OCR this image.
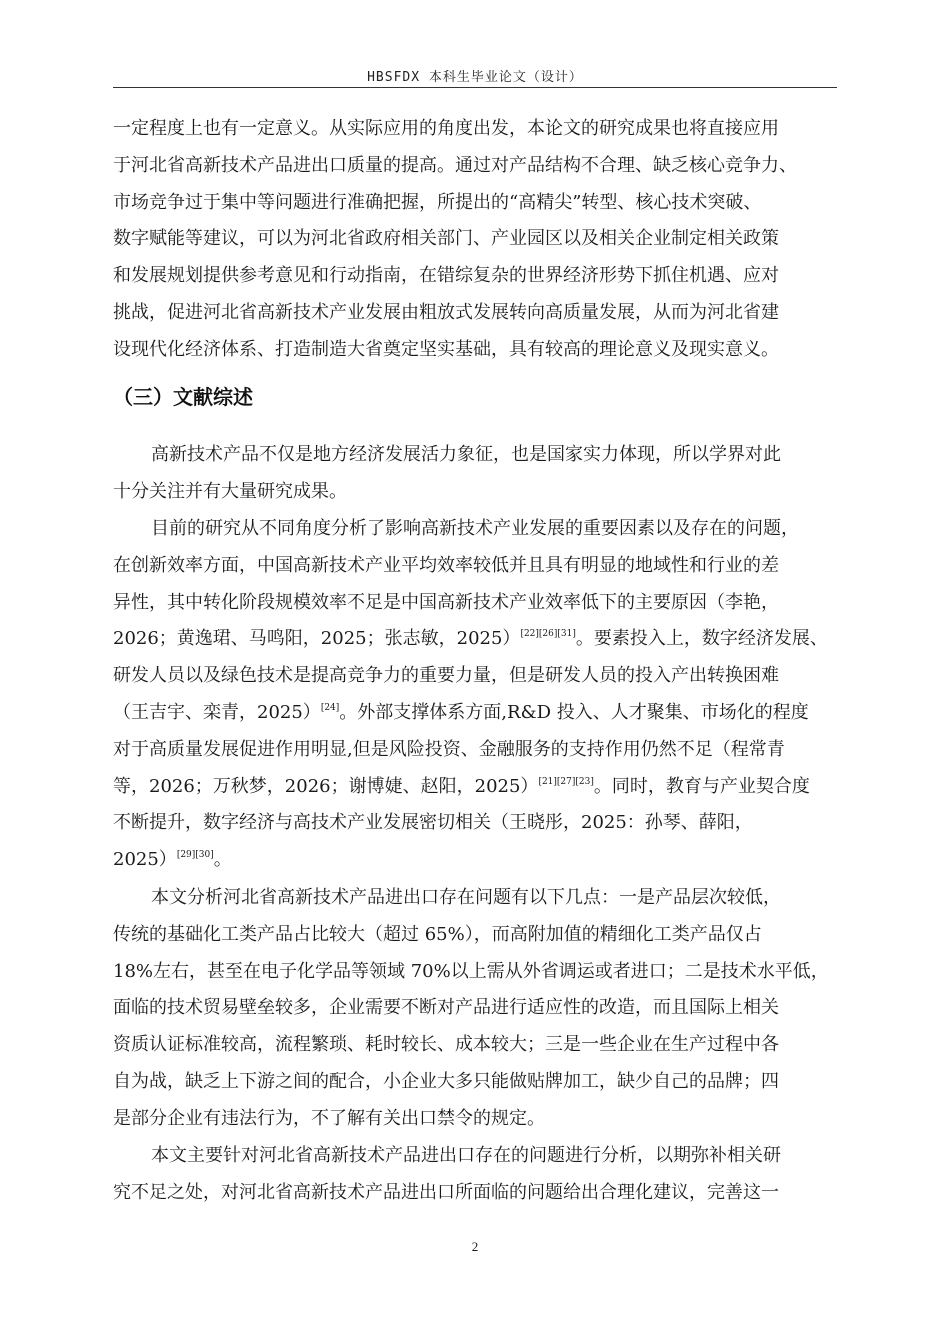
HBSFDX 本科生毕业论文（设计）
一定程度上也有一定意义。从实际应用的角度出发，本论文的研究成果也将直接应用
于河北省高新技术产品进出口质量的提高。通过对产品结构不合理、缺乏核心竞争力、
市场竞争过于集中等问题进行准确把握，所提出的“高精尖”转型、核心技术突破、
数字赋能等建议，可以为河北省政府相关部门、产业园区以及相关企业制定相关政策
和发展规划提供参考意见和行动指南，在错综复杂的世界经济形势下抓住机遇、应对
挑战，促进河北省高新技术产业发展由粗放式发展转向高质量发展，从而为河北省建
设现代化经济体系、打造制造大省奠定坚实基础，具有较高的理论意义及现实意义。
（三）文献综述
高新技术产品不仅是地方经济发展活力象征，也是国家实力体现，所以学界对此
十分关注并有大量研究成果。
目前的研究从不同角度分析了影响高新技术产业发展的重要因素以及存在的问题，
在创新效率方面，中国高新技术产业平均效率较低并且具有明显的地域性和行业的差
异性，其中转化阶段规模效率不足是中国高新技术产业效率低下的主要原因（李艳，
2026；黄逸珺、马鸣阳，2025；张志敏，2025）[22][26][31]。要素投入上，数字经济发展、
研发人员以及绿色技术是提高竞争力的重要力量，但是研发人员的投入产出转换困难
（王吉宇、栾青，2025）[24]。外部支撑体系方面,R&D 投入、人才聚集、市场化的程度
对于高质量发展促进作用明显,但是风险投资、金融服务的支持作用仍然不足（程常青
等，2026；万秋梦，2026；谢博婕、赵阳，2025）[21][27][23]。同时，教育与产业契合度
不断提升，数字经济与高技术产业发展密切相关（王晓彤，2025：孙琴、薛阳，
2025）[29][30]。
本文分析河北省高新技术产品进出口存在问题有以下几点：一是产品层次较低，
传统的基础化工类产品占比较大（超过 65%），而高附加值的精细化工类产品仅占
18%左右，甚至在电子化学品等领域 70%以上需从外省调运或者进口；二是技术水平低，
面临的技术贸易壁垒较多，企业需要不断对产品进行适应性的改造，而且国际上相关
资质认证标准较高，流程繁琐、耗时较长、成本较大；三是一些企业在生产过程中各
自为战，缺乏上下游之间的配合，小企业大多只能做贴牌加工，缺少自己的品牌；四
是部分企业有违法行为，不了解有关出口禁令的规定。
本文主要针对河北省高新技术产品进出口存在的问题进行分析，以期弥补相关研
究不足之处，对河北省高新技术产品进出口所面临的问题给出合理化建议，完善这一
2
